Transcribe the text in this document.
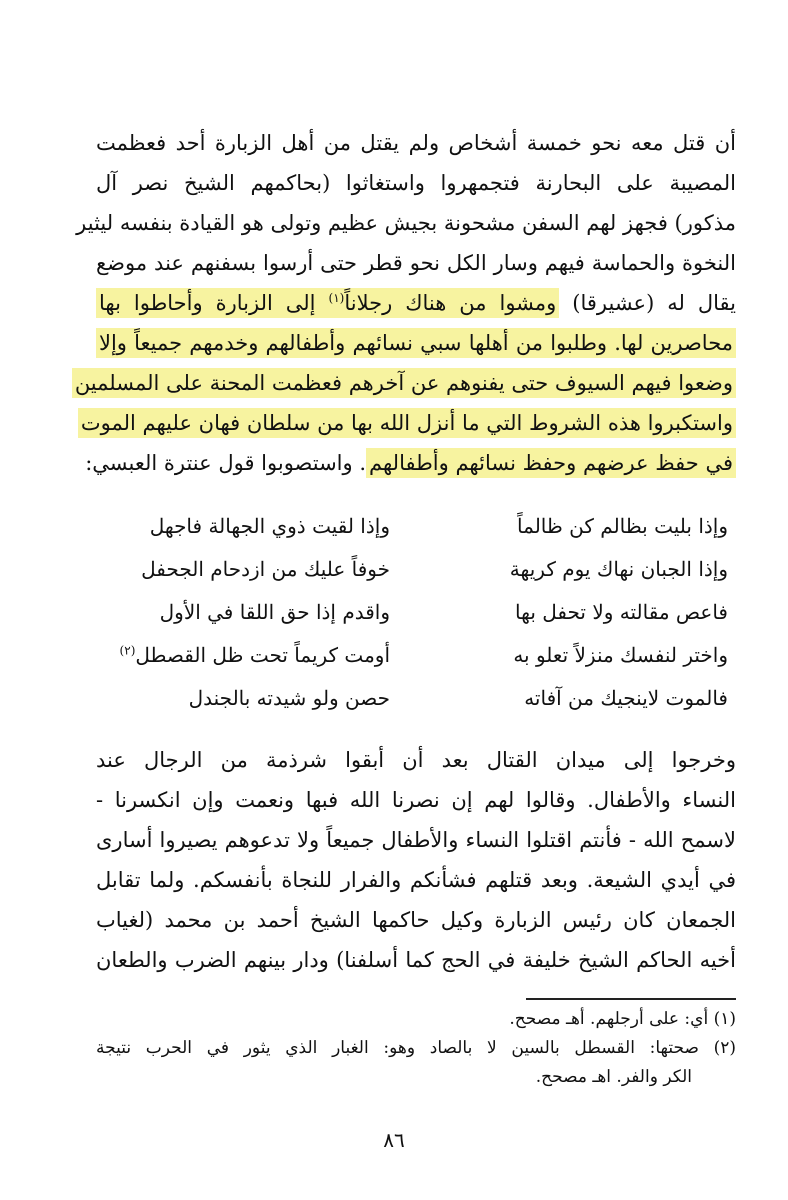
أن قتل معه نحو خمسة أشخاص ولم يقتل من أهل الزبارة أحد فعظمت
المصيبة على البحارنة فتجمهروا واستغاثوا (بحاكمهم الشيخ نصر آل
مذكور) فجهز لهم السفن مشحونة بجيش عظيم وتولى هو القيادة بنفسه ليثير
النخوة والحماسة فيهم وسار الكل نحو قطر حتى أرسوا بسفنهم عند موضع
يقال له (عشيرقا) ومشوا من هناك رجلاناً$^{(١)}$ إلى الزبارة وأحاطوا بها
محاصرين لها. وطلبوا من أهلها سبي نسائهم وأطفالهم وخدمهم جميعاً وإلا
وضعوا فيهم السيوف حتى يفنوهم عن آخرهم فعظمت المحنة على المسلمين
واستكبروا هذه الشروط التي ما أنزل الله بها من سلطان فهان عليهم الموت
في حفظ عرضهم وحفظ نسائهم وأطفالهم. واستصوبوا قول عنترة العبسي:
وإذا بليت بظالم كن ظالماً
وإذا لقيت ذوي الجهالة فاجهل
وإذا الجبان نهاك يوم كريهة
خوفاً عليك من ازدحام الجحفل
فاعص مقالته ولا تحفل بها
واقدم إذا حق اللقا في الأول
واختر لنفسك منزلاً تعلو به
أومت كريماً تحت ظل القصطل$^{(٢)}$
فالموت لاينجيك من آفاته
حصن ولو شيدته بالجندل
وخرجوا إلى ميدان القتال بعد أن أبقوا شرذمة من الرجال عند
النساء والأطفال. وقالوا لهم إن نصرنا الله فبها ونعمت وإن انكسرنا -
لاسمح الله - فأنتم اقتلوا النساء والأطفال جميعاً ولا تدعوهم يصيروا أسارى
في أيدي الشيعة. وبعد قتلهم فشأنكم والفرار للنجاة بأنفسكم. ولما تقابل
الجمعان كان رئيس الزبارة وكيل حاكمها الشيخ أحمد بن محمد (لغياب
أخيه الحاكم الشيخ خليفة في الحج كما أسلفنا) ودار بينهم الضرب والطعان
(١) أي: على أرجلهم. أهـ مصحح.
(٢) صحتها: القسطل بالسين لا بالصاد وهو: الغبار الذي يثور في الحرب نتيجة
الكر والفر. اهـ مصحح.
٨٦
